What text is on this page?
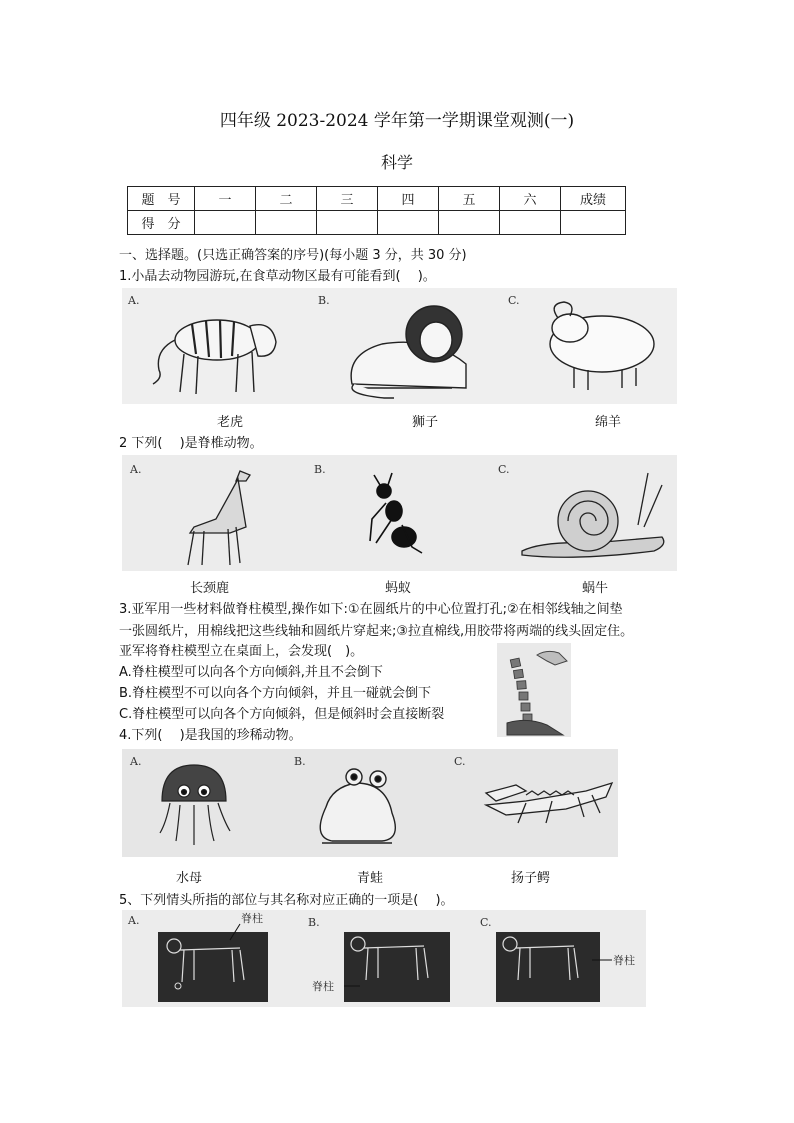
四年级 2023-2024 学年第一学期课堂观测(一)
科学
题　号	一	二	三	四	五	六	成绩
得　分							
一、选择题。(只选正确答案的序号)(每小题 3 分，共 30 分)
1.小晶去动物园游玩,在食草动物区最有可能看到(　 )。
A.	B.	C.
老虎	狮子	绵羊
2 下列(　 )是脊椎动物。
A.	B.	C.
长颈鹿	蚂蚁	蜗牛
3.亚军用一些材料做脊柱模型,操作如下:①在圆纸片的中心位置打孔;②在相邻线轴之间垫
一张圆纸片，用棉线把这些线轴和圆纸片穿起来;③拉直棉线,用胶带将两端的线头固定住。
亚军将脊柱模型立在桌面上，会发现(　)。
A.脊柱模型可以向各个方向倾斜,并且不会倒下
B.脊柱模型不可以向各个方向倾斜，并且一碰就会倒下
C.脊柱模型可以向各个方向倾斜，但是倾斜时会直接断裂
4.下列(　 )是我国的珍稀动物。
A.	B.	C.
水母	青蛙	扬子鳄
5、下列情头所指的部位与其名称对应正确的一项是(　 )。
A.	B.	C.
脊柱
脊柱
脊柱
